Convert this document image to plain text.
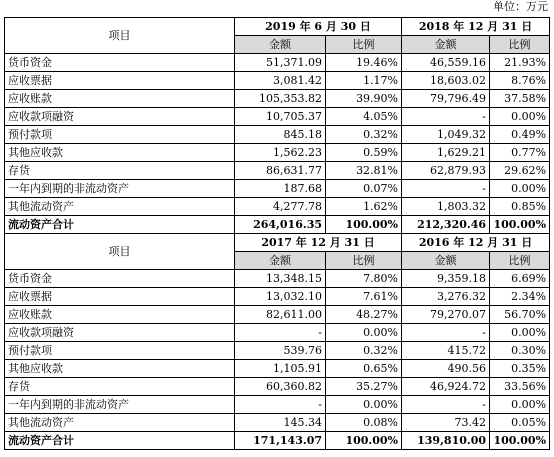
单位：万元
项目	2019 年 6 月 30 日		2018 年 12 月 31 日	
	金额	比例	金额	比例
货币资金	51,371.09	19.46%	46,559.16	21.93%
应收票据	3,081.42	1.17%	18,603.02	8.76%
应收账款	105,353.82	39.90%	79,796.49	37.58%
应收款项融资	10,705.37	4.05%	-	0.00%
预付款项	845.18	0.32%	1,049.32	0.49%
其他应收款	1,562.23	0.59%	1,629.21	0.77%
存货	86,631.77	32.81%	62,879.93	29.62%
一年内到期的非流动资产	187.68	0.07%	-	0.00%
其他流动资产	4,277.78	1.62%	1,803.32	0.85%
流动资产合计	264,016.35	100.00%	212,320.46	100.00%
项目	2017 年 12 月 31 日		2016 年 12 月 31 日	
	金额	比例	金额	比例
货币资金	13,348.15	7.80%	9,359.18	6.69%
应收票据	13,032.10	7.61%	3,276.32	2.34%
应收账款	82,611.00	48.27%	79,270.07	56.70%
应收款项融资	-	0.00%	-	0.00%
预付款项	539.76	0.32%	415.72	0.30%
其他应收款	1,105.91	0.65%	490.56	0.35%
存货	60,360.82	35.27%	46,924.72	33.56%
一年内到期的非流动资产	-	0.00%	-	0.00%
其他流动资产	145.34	0.08%	73.42	0.05%
流动资产合计	171,143.07	100.00%	139,810.00	100.00%
